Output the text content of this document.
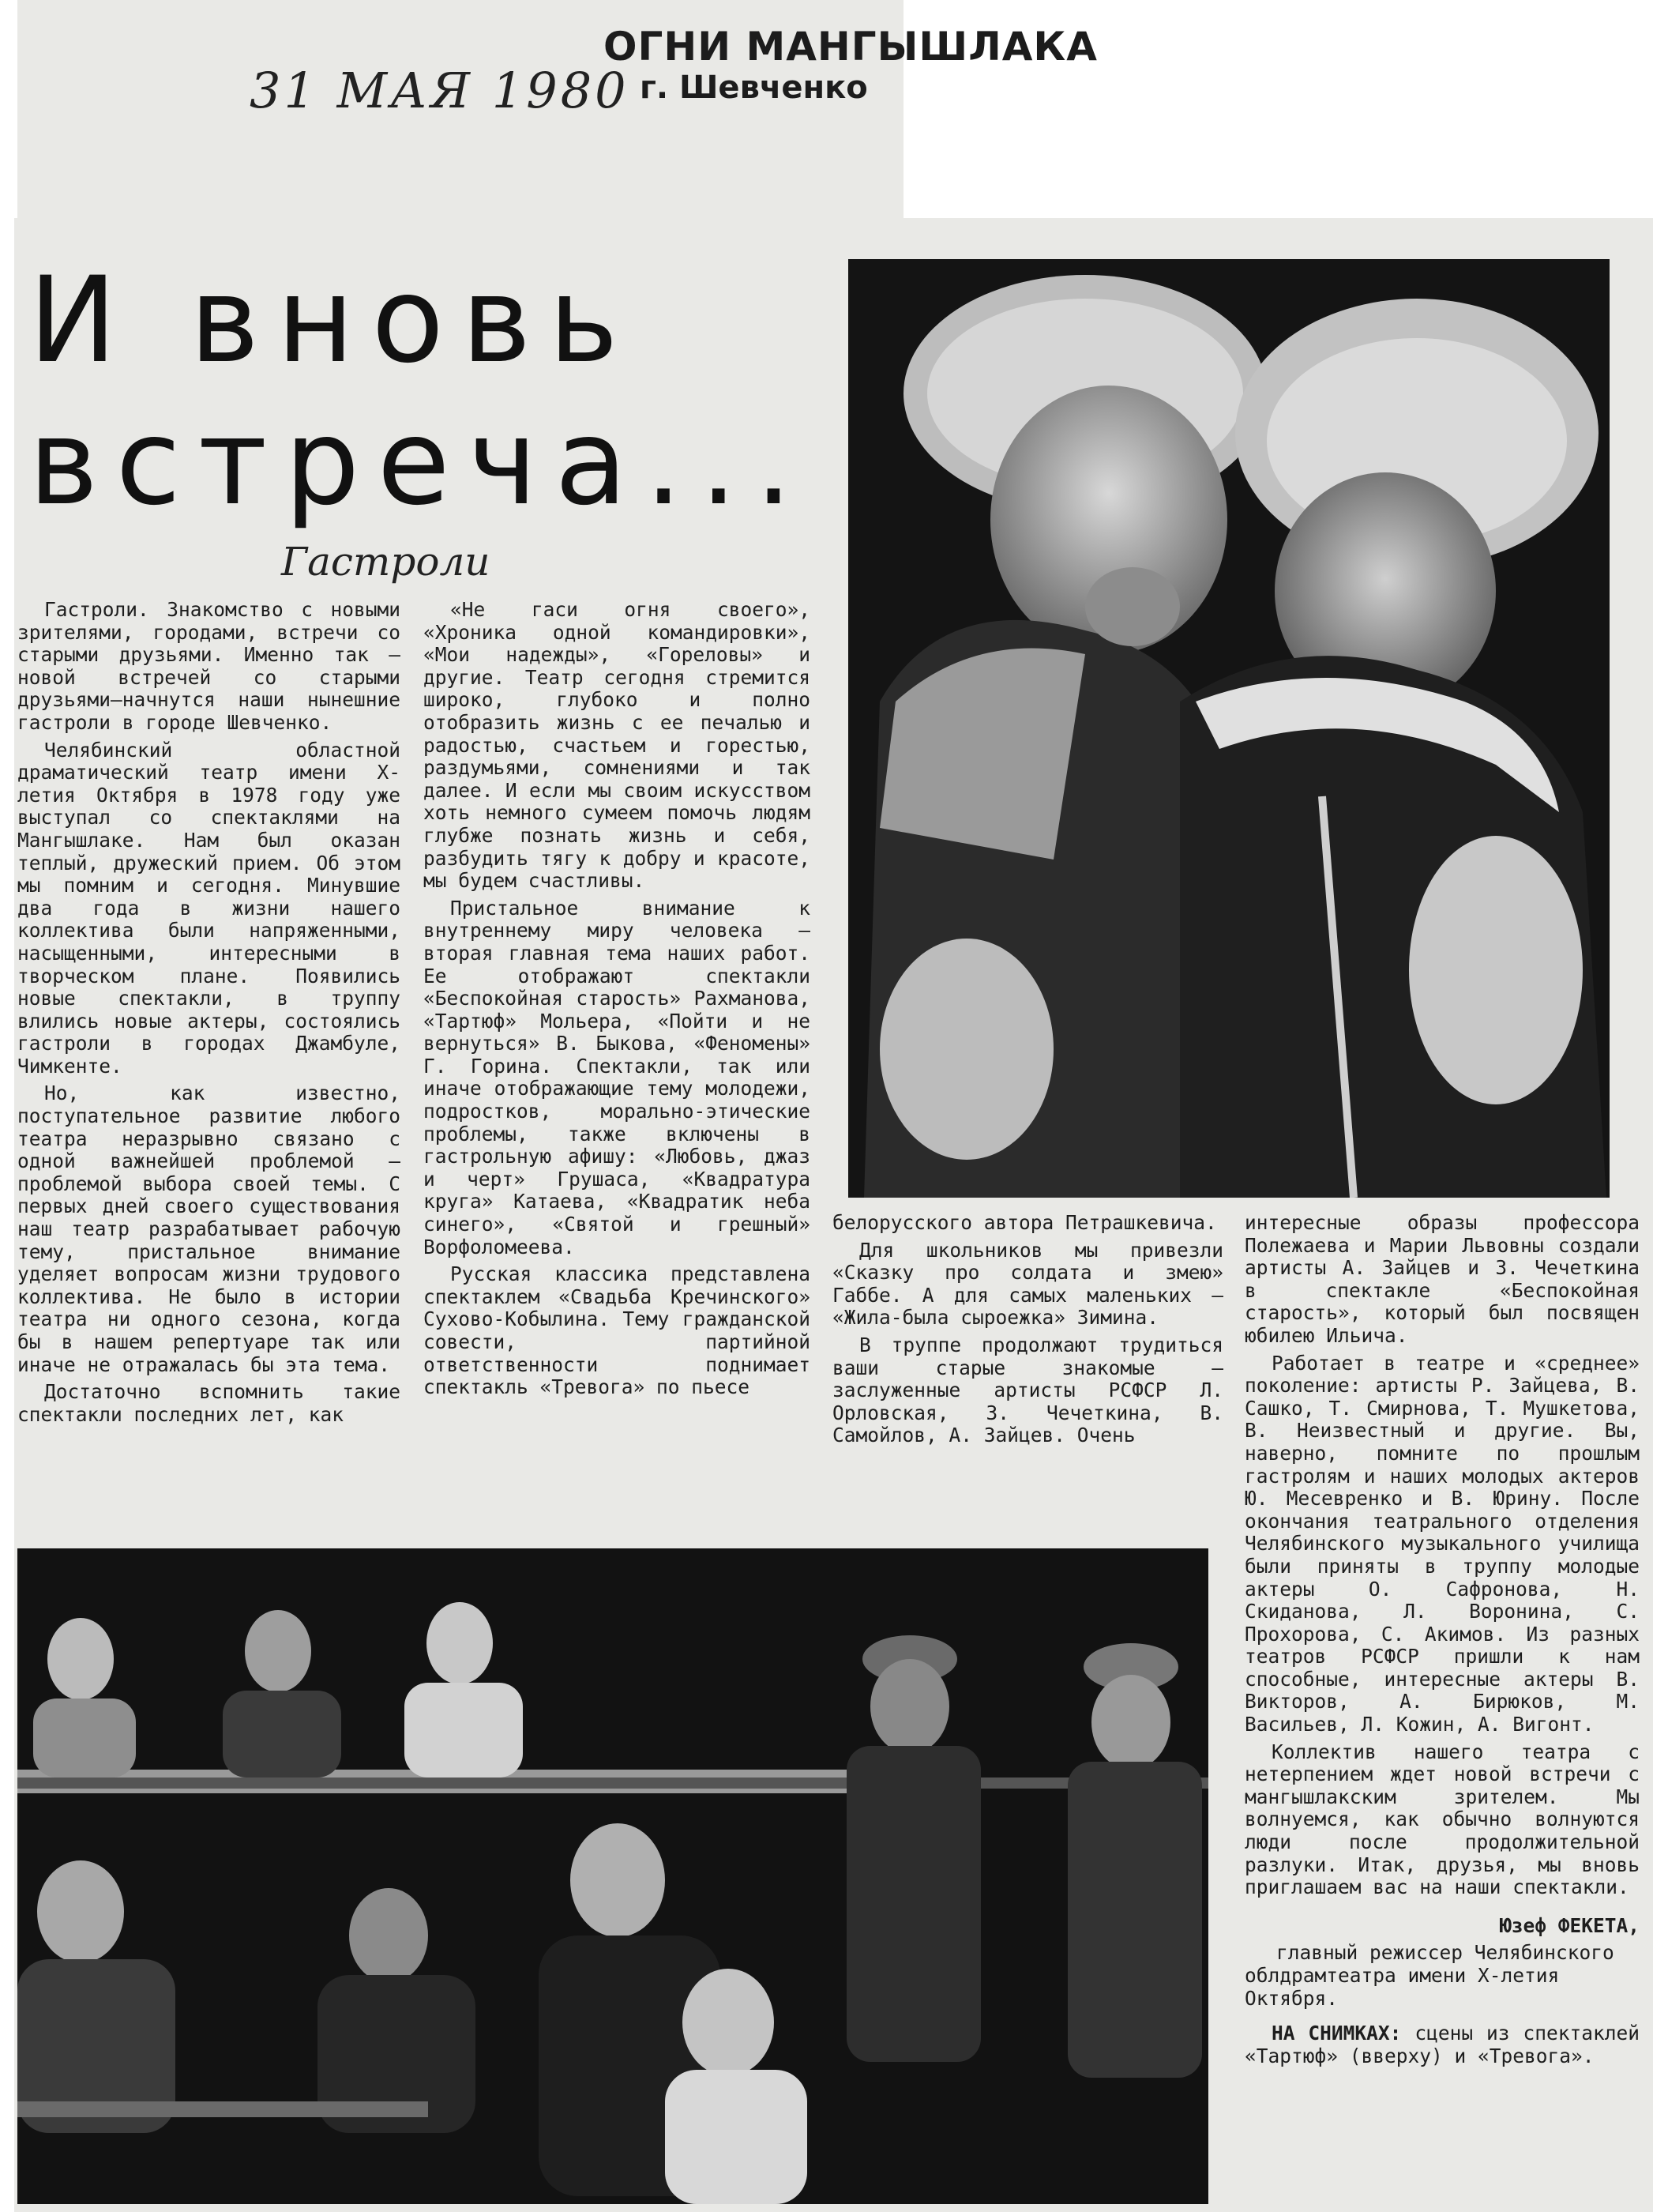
31 МАЯ 1980
ОГНИ МАНГЫШЛАКА
г. Шевченко
И вновь встреча...
Гастроли

Гастроли. Знакомство с новыми зрителями, городами, встречи со старыми друзьями. Именно так — новой встречей со старыми друзьями—начнутся наши нынешние гастроли в городе Шевченко.

Челябинский областной драматический театр имени Х-летия Октября в 1978 году уже выступал со спектаклями на Мангышлаке. Нам был оказан теплый, дружеский прием. Об этом мы помним и сегодня. Минувшие два года в жизни нашего коллектива были напряженными, насыщенными, интересными в творческом плане. Появились новые спектакли, в труппу влились новые актеры, состоялись гастроли в городах Джамбуле, Чимкенте.

Но, как известно, поступательное развитие любого театра неразрывно связано с одной важнейшей проблемой — проблемой выбора своей темы. С первых дней своего существования наш театр разрабатывает рабочую тему, пристальное внимание уделяет вопросам жизни трудового коллектива. Не было в истории театра ни одного сезона, когда бы в нашем репертуаре так или иначе не отражалась бы эта тема.

Достаточно вспомнить такие спектакли последних лет, как

«Не гаси огня своего», «Хроника одной командировки», «Мои надежды», «Гореловы» и другие. Театр сегодня стремится широко, глубоко и полно отобразить жизнь с ее печалью и радостью, счастьем и горестью, раздумьями, сомнениями и так далее. И если мы своим искусством хоть немного сумеем помочь людям глубже познать жизнь и себя, разбудить тягу к добру и красоте, мы будем счастливы.

Пристальное внимание к внутреннему миру человека — вторая главная тема наших работ. Ее отображают спектакли «Беспокойная старость» Рахманова, «Тартюф» Мольера, «Пойти и не вернуться» В. Быкова, «Феномены» Г. Горина. Спектакли, так или иначе отображающие тему молодежи, подростков, морально-этические проблемы, также включены в гастрольную афишу: «Любовь, джаз и черт» Грушаса, «Квадратура круга» Катаева, «Квадратик неба синего», «Святой и грешный» Ворфоломеева.

Русская классика представлена спектаклем «Свадьба Кречинского» Сухово-Кобылина. Тему гражданской совести, партийной ответственности поднимает спектакль «Тревога» по пьесе

белорусского автора Петрашкевича.

Для школьников мы привезли «Сказку про солдата и змею» Габбе. А для самых маленьких — «Жила-была сыроежка» Зимина.

В труппе продолжают трудиться ваши старые знакомые — заслуженные артисты РСФСР Л. Орловская, З. Чечеткина, В. Самойлов, А. Зайцев. Очень

интересные образы профессора Полежаева и Марии Львовны создали артисты А. Зайцев и З. Чечеткина в спектакле «Беспокойная старость», который был посвящен юбилею Ильича.

Работает в театре и «среднее» поколение: артисты Р. Зайцева, В. Сашко, Т. Смирнова, Т. Мушкетова, В. Неизвестный и другие. Вы, наверно, помните по прошлым гастролям и наших молодых актеров Ю. Месевренко и В. Юрину. После окончания театрального отделения Челябинского музыкального училища были приняты в труппу молодые актеры О. Сафронова, Н. Скиданова, Л. Воронина, С. Прохорова, С. Акимов. Из разных театров РСФСР пришли к нам способные, интересные актеры В. Викторов, А. Бирюков, М. Васильев, Л. Кожин, А. Вигонт.

Коллектив нашего театра с нетерпением ждет новой встречи с мангышлакским зрителем. Мы волнуемся, как обычно волнуются люди после продолжительной разлуки. Итак, друзья, мы вновь приглашаем вас на наши спектакли.

Юзеф ФЕКЕТА,

главный режиссер Челябинского облдрамтеатра имени Х-летия Октября.

НА СНИМКАХ: сцены из спектаклей «Тартюф» (вверху) и «Тревога».
